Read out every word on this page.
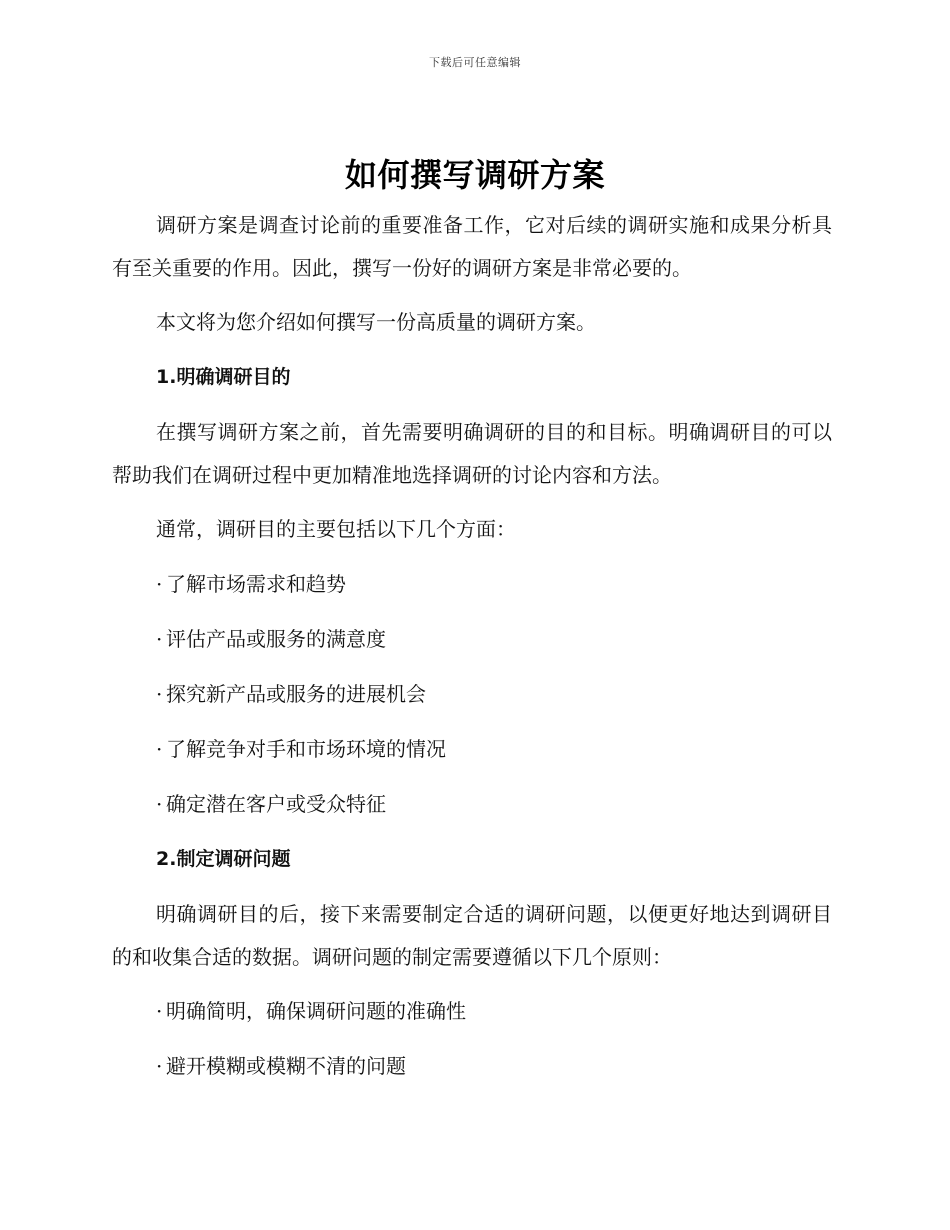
下载后可任意编辑
如何撰写调研方案

调研方案是调查讨论前的重要准备工作，它对后续的调研实施和成果分析具有至关重要的作用。因此，撰写一份好的调研方案是非常必要的。

本文将为您介绍如何撰写一份高质量的调研方案。

1.明确调研目的

在撰写调研方案之前，首先需要明确调研的目的和目标。明确调研目的可以帮助我们在调研过程中更加精准地选择调研的讨论内容和方法。

通常，调研目的主要包括以下几个方面：

· 了解市场需求和趋势
· 评估产品或服务的满意度
· 探究新产品或服务的进展机会
· 了解竞争对手和市场环境的情况
· 确定潜在客户或受众特征
2.制定调研问题

明确调研目的后，接下来需要制定合适的调研问题，以便更好地达到调研目的和收集合适的数据。调研问题的制定需要遵循以下几个原则：

· 明确简明，确保调研问题的准确性
· 避开模糊或模糊不清的问题
